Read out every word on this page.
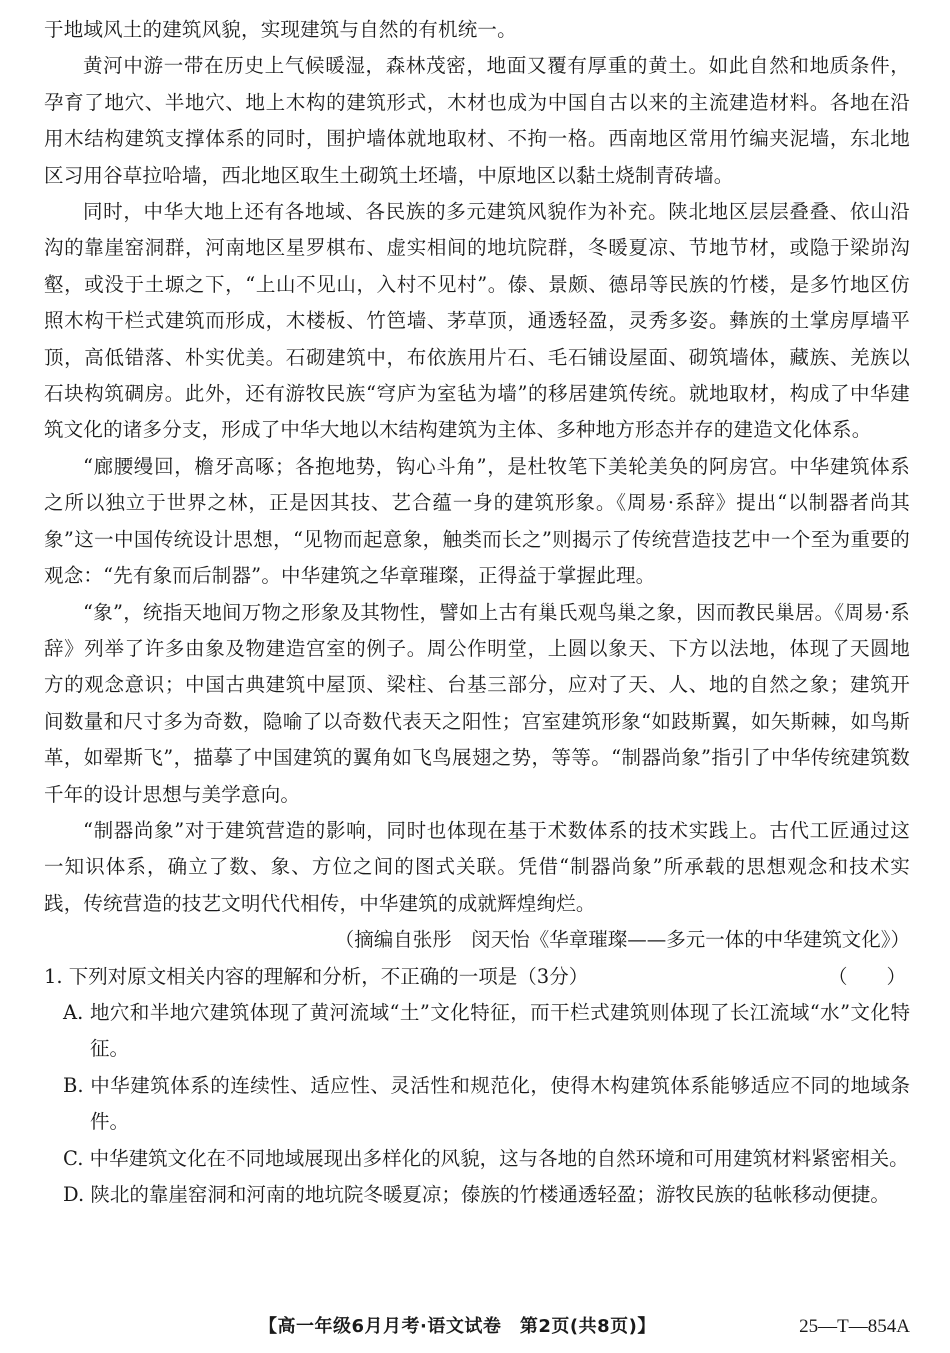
于地域风土的建筑风貌，实现建筑与自然的有机统一。

黄河中游一带在历史上气候暖湿，森林茂密，地面又覆有厚重的黄土。如此自然和地质条件，孕育了地穴、半地穴、地上木构的建筑形式，木材也成为中国自古以来的主流建造材料。各地在沿用木结构建筑支撑体系的同时，围护墙体就地取材、不拘一格。西南地区常用竹编夹泥墙，东北地区习用谷草拉哈墙，西北地区取生土砌筑土坯墙，中原地区以黏土烧制青砖墙。

同时，中华大地上还有各地域、各民族的多元建筑风貌作为补充。陕北地区层层叠叠、依山沿沟的靠崖窑洞群，河南地区星罗棋布、虚实相间的地坑院群，冬暖夏凉、节地节材，或隐于梁峁沟壑，或没于土塬之下，“上山不见山，入村不见村”。傣、景颇、德昂等民族的竹楼，是多竹地区仿照木构干栏式建筑而形成，木楼板、竹笆墙、茅草顶，通透轻盈，灵秀多姿。彝族的土掌房厚墙平顶，高低错落、朴实优美。石砌建筑中，布依族用片石、毛石铺设屋面、砌筑墙体，藏族、羌族以石块构筑碉房。此外，还有游牧民族“穹庐为室毡为墙”的移居建筑传统。就地取材，构成了中华建筑文化的诸多分支，形成了中华大地以木结构建筑为主体、多种地方形态并存的建造文化体系。

“廊腰缦回，檐牙高啄；各抱地势，钩心斗角”，是杜牧笔下美轮美奂的阿房宫。中华建筑体系之所以独立于世界之林，正是因其技、艺合蕴一身的建筑形象。《周易·系辞》提出“以制器者尚其象”这一中国传统设计思想，“见物而起意象，触类而长之”则揭示了传统营造技艺中一个至为重要的观念：“先有象而后制器”。中华建筑之华章璀璨，正得益于掌握此理。

“象”，统指天地间万物之形象及其物性，譬如上古有巢氏观鸟巢之象，因而教民巢居。《周易·系辞》列举了许多由象及物建造宫室的例子。周公作明堂，上圆以象天、下方以法地，体现了天圆地方的观念意识；中国古典建筑中屋顶、梁柱、台基三部分，应对了天、人、地的自然之象；建筑开间数量和尺寸多为奇数，隐喻了以奇数代表天之阳性；宫室建筑形象“如跂斯翼，如矢斯棘，如鸟斯革，如翚斯飞”，描摹了中国建筑的翼角如飞鸟展翅之势，等等。“制器尚象”指引了中华传统建筑数千年的设计思想与美学意向。

“制器尚象”对于建筑营造的影响，同时也体现在基于术数体系的技术实践上。古代工匠通过这一知识体系，确立了数、象、方位之间的图式关联。凭借“制器尚象”所承载的思想观念和技术实践，传统营造的技艺文明代代相传，中华建筑的成就辉煌绚烂。

（摘编自张彤　闵天怡《华章璀璨——多元一体的中华建筑文化》）

1. 下列对原文相关内容的理解和分析，不正确的一项是（3分）	（　　）

A. 地穴和半地穴建筑体现了黄河流域“土”文化特征，而干栏式建筑则体现了长江流域“水”文化特征。

B. 中华建筑体系的连续性、适应性、灵活性和规范化，使得木构建筑体系能够适应不同的地域条件。

C. 中华建筑文化在不同地域展现出多样化的风貌，这与各地的自然环境和可用建筑材料紧密相关。

D. 陕北的靠崖窑洞和河南的地坑院冬暖夏凉；傣族的竹楼通透轻盈；游牧民族的毡帐移动便捷。

【高一年级6月月考·语文试卷　第2页(共8页)】	25—T—854A
